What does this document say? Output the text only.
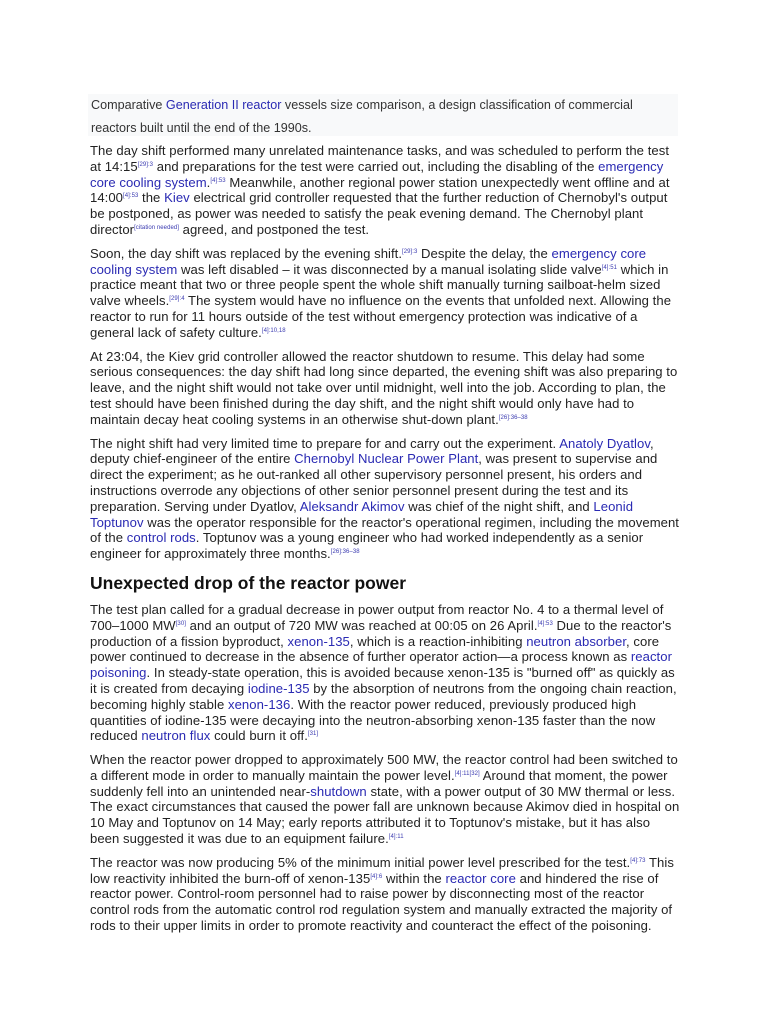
Comparative Generation II reactor vessels size comparison, a design classification of commercial reactors built until the end of the 1990s.

The day shift performed many unrelated maintenance tasks, and was scheduled to perform the test at $14:15^{[29]:3}$ and preparations for the test were carried out, including the disabling of the emergency core cooling system.$^{[4]:53}$ Meanwhile, another regional power station unexpectedly went offline and at $14:00^{[4]:53}$ the Kiev electrical grid controller requested that the further reduction of Chernobyl's output be postponed, as power was needed to satisfy the peak evening demand. The Chernobyl plant director[citation needed] agreed, and postponed the test.

Soon, the day shift was replaced by the evening shift.$^{[29]:3}$ Despite the delay, the emergency core cooling system was left disabled – it was disconnected by a manual isolating slide valve$^{[4]:51}$ which in practice meant that two or three people spent the whole shift manually turning sailboat-helm sized valve wheels.$^{[29]:4}$ The system would have no influence on the events that unfolded next. Allowing the reactor to run for 11 hours outside of the test without emergency protection was indicative of a general lack of safety culture.$^{[4]:10,18}$

At 23:04, the Kiev grid controller allowed the reactor shutdown to resume. This delay had some serious consequences: the day shift had long since departed, the evening shift was also preparing to leave, and the night shift would not take over until midnight, well into the job. According to plan, the test should have been finished during the day shift, and the night shift would only have had to maintain decay heat cooling systems in an otherwise shut-down plant.$^{[26]:36-38}$

The night shift had very limited time to prepare for and carry out the experiment. Anatoly Dyatlov, deputy chief-engineer of the entire Chernobyl Nuclear Power Plant, was present to supervise and direct the experiment; as he out-ranked all other supervisory personnel present, his orders and instructions overrode any objections of other senior personnel present during the test and its preparation. Serving under Dyatlov, Aleksandr Akimov was chief of the night shift, and Leonid Toptunov was the operator responsible for the reactor's operational regimen, including the movement of the control rods. Toptunov was a young engineer who had worked independently as a senior engineer for approximately three months.$^{[26]:36-38}$

Unexpected drop of the reactor power

The test plan called for a gradual decrease in power output from reactor No. 4 to a thermal level of 700–1000 MW[30] and an output of 720 MW was reached at 00:05 on 26 April.$^{[4]:53}$ Due to the reactor's production of a fission byproduct, xenon-135, which is a reaction-inhibiting neutron absorber, core power continued to decrease in the absence of further operator action—a process known as reactor poisoning. In steady-state operation, this is avoided because xenon-135 is "burned off" as quickly as it is created from decaying iodine-135 by the absorption of neutrons from the ongoing chain reaction, becoming highly stable xenon-136. With the reactor power reduced, previously produced high quantities of iodine-135 were decaying into the neutron-absorbing xenon-135 faster than the now reduced neutron flux could burn it off.[31]

When the reactor power dropped to approximately 500 MW, the reactor control had been switched to a different mode in order to manually maintain the power level.[4]:11[32] Around that moment, the power suddenly fell into an unintended near-shutdown state, with a power output of 30 MW thermal or less. The exact circumstances that caused the power fall are unknown because Akimov died in hospital on 10 May and Toptunov on 14 May; early reports attributed it to Toptunov's mistake, but it has also been suggested it was due to an equipment failure.$^{[4]:11}$

The reactor was now producing 5% of the minimum initial power level prescribed for the test.$^{[4]:73}$ This low reactivity inhibited the burn-off of xenon-$135^{[4]:6}$ within the reactor core and hindered the rise of reactor power. Control-room personnel had to raise power by disconnecting most of the reactor control rods from the automatic control rod regulation system and manually extracted the majority of rods to their upper limits in order to promote reactivity and counteract the effect of the poisoning.
